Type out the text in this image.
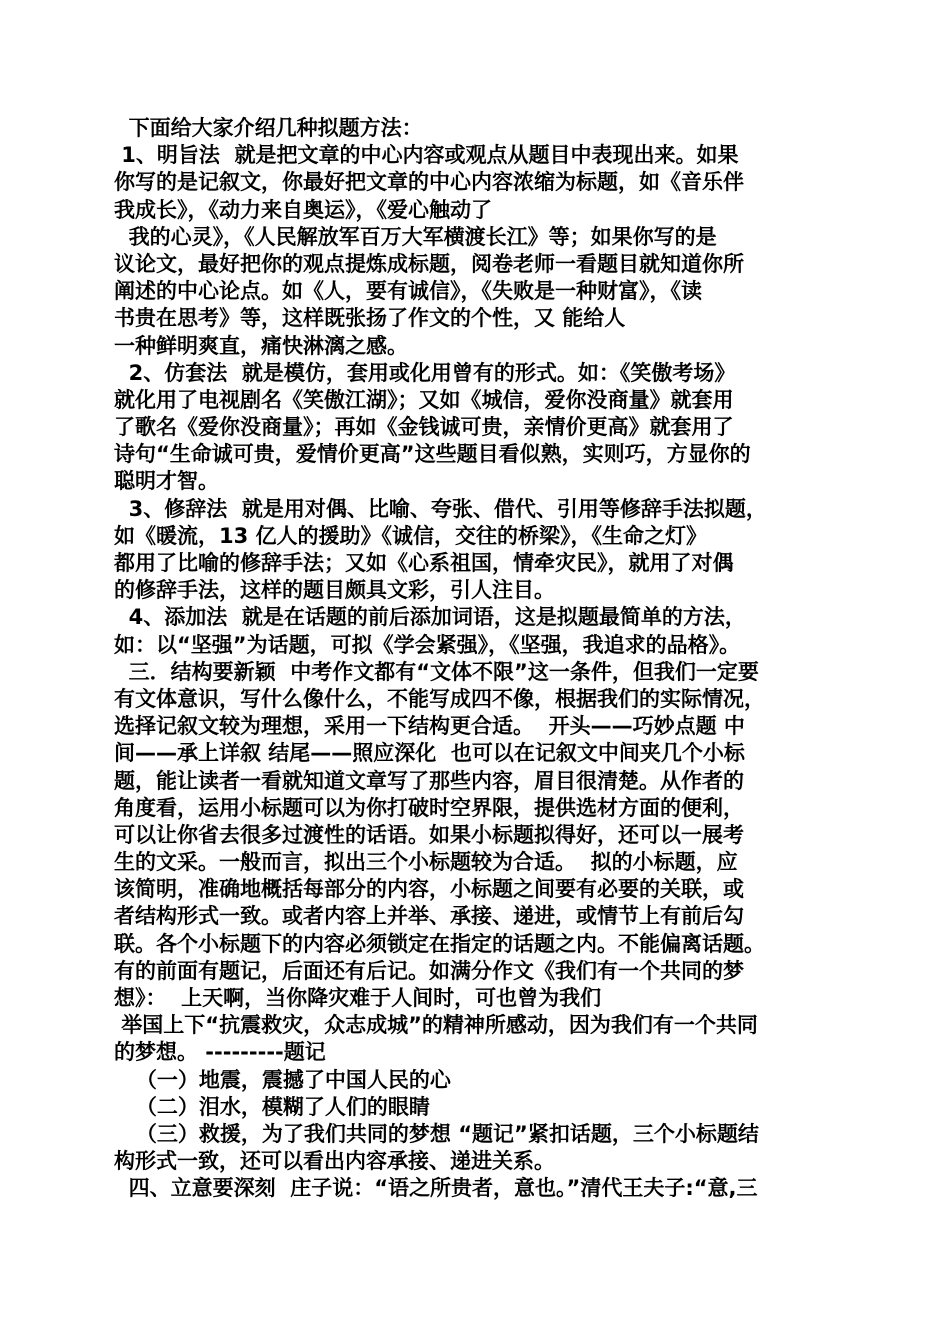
下面给大家介绍几种拟题方法：
1、明旨法  就是把文章的中心内容或观点从题目中表现出来。如果
你写的是记叙文，你最好把文章的中心内容浓缩为标题，如《音乐伴
我成长》，《动力来自奥运》，《爱心触动了
我的心灵》，《人民解放军百万大军横渡长江》等；如果你写的是
议论文，最好把你的观点提炼成标题，阅卷老师一看题目就知道你所
阐述的中心论点。如《人，要有诚信》，《失败是一种财富》，《读
书贵在思考》等，这样既张扬了作文的个性，又 能给人
一种鲜明爽直，痛快淋漓之感。
2、仿套法  就是模仿，套用或化用曾有的形式。如：《笑傲考场》
就化用了电视剧名《笑傲江湖》；又如《城信，爱你没商量》就套用
了歌名《爱你没商量》；再如《金钱诚可贵，亲情价更高》就套用了
诗句“生命诚可贵，爱情价更高”这些题目看似熟，实则巧，方显你的
聪明才智。
3、修辞法  就是用对偶、比喻、夸张、借代、引用等修辞手法拟题，
如《暖流，13 亿人的援助》《诚信，交往的桥梁》，《生命之灯》
都用了比喻的修辞手法；又如《心系祖国，情牵灾民》，就用了对偶
的修辞手法，这样的题目颇具文彩，引人注目。
4、添加法  就是在话题的前后添加词语，这是拟题最简单的方法，
如：以“坚强”为话题，可拟《学会紧强》，《坚强，我追求的品格》。
三．结构要新颖  中考作文都有“文体不限”这一条件，但我们一定要
有文体意识，写什么像什么，不能写成四不像，根据我们的实际情况，
选择记叙文较为理想，采用一下结构更合适。  开头——巧妙点题 中
间——承上详叙 结尾——照应深化  也可以在记叙文中间夹几个小标
题，能让读者一看就知道文章写了那些内容，眉目很清楚。从作者的
角度看，运用小标题可以为你打破时空界限，提供选材方面的便利，
可以让你省去很多过渡性的话语。如果小标题拟得好，还可以一展考
生的文采。一般而言，拟出三个小标题较为合适。  拟的小标题，应
该简明，准确地概括每部分的内容，小标题之间要有必要的关联，或
者结构形式一致。或者内容上并举、承接、递进，或情节上有前后勾
联。各个小标题下的内容必须锁定在指定的话题之内。不能偏离话题。
有的前面有题记，后面还有后记。如满分作文《我们有一个共同的梦
想》：  上天啊，当你降灾难于人间时，可也曾为我们
举国上下“抗震救灾，众志成城”的精神所感动，因为我们有一个共同
的梦想。 ---------题记
（一）地震，震撼了中国人民的心
（二）泪水，模糊了人们的眼睛
（三）救援，为了我们共同的梦想 “题记”紧扣话题，三个小标题结
构形式一致，还可以看出内容承接、递进关系。
四、立意要深刻  庄子说：“语之所贵者，意也。”清代王夫子:“意,三
